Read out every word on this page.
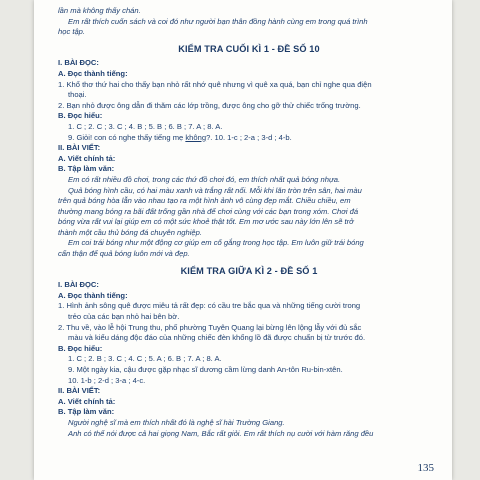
lần mà không thấy chán.
Em rất thích cuốn sách và coi đó như người bạn thân đồng hành cùng em trong quá trình
học tập.
KIỂM TRA CUỐI KÌ 1 - ĐỀ SỐ 10
I. BÀI ĐỌC:
A. Đọc thành tiếng:
1. Khổ thơ thứ hai cho thấy bạn nhỏ rất nhớ quê nhưng vì quê xa quá, bạn chỉ nghe qua điện
thoại.
2. Bạn nhỏ được ông dẫn đi thăm các lớp trồng, được ông cho gỡ thử chiếc trống trường.
B. Đọc hiểu:
1. C ; 2. C ; 3. C ; 4. B ; 5. B ; 6. B ; 7. A ; 8. A.
9. Giỏi! con có nghe thấy tiếng mẹ không?. 10. 1-c ; 2-a ; 3-d ; 4-b.
II. BÀI VIẾT:
A. Viết chính tả:
B. Tập làm văn:
Em có rất nhiều đồ chơi, trong các thứ đồ chơi đó, em thích nhất quả bóng nhựa.
Quả bóng hình cầu, có hai màu xanh và trắng rất nổi. Mỗi khi lăn tròn trên sân, hai màu
trên quả bóng hòa lẫn vào nhau tạo ra một hình ảnh vô cùng đẹp mắt. Chiều chiều, em
thường mang bóng ra bãi đất trống gần nhà để chơi cùng với các bạn trong xóm. Chơi đá
bóng vừa rất vui lại giúp em có một sức khoẻ thật tốt. Em mơ ước sau này lớn lên sẽ trở
thành một cầu thủ bóng đá chuyên nghiệp.
Em coi trái bóng như một động cơ giúp em cố gắng trong học tập. Em luôn giữ trái bóng
cẩn thận để quả bóng luôn mới và đẹp.
KIỂM TRA GIỮA KÌ 2 - ĐỀ SỐ 1
I. BÀI ĐỌC:
A. Đọc thành tiếng:
1. Hình ảnh sông quê được miêu tả rất đẹp: có cầu tre bắc qua và những tiếng cười trong
trẻo của các bạn nhỏ hai bên bờ.
2. Thu về, vào lễ hội Trung thu, phố phường Tuyên Quang lại bừng lên lộng lẫy với đủ sắc
màu và kiểu dáng độc đáo của những chiếc đèn khổng lồ đã được chuẩn bị từ trước đó.
B. Đọc hiểu:
1. C ; 2. B ; 3. C ; 4. C ; 5. A ; 6. B ; 7. A ; 8. A.
9. Một ngày kia, cậu được gặp nhạc sĩ dương cầm lừng danh An-tôn Ru-bin-xtên.
10. 1-b ; 2-d ; 3-a ; 4-c.
II. BÀI VIẾT:
A. Viết chính tả:
B. Tập làm văn:
Người nghệ sĩ mà em thích nhất đó là nghệ sĩ hài Trường Giang.
Anh có thể nói được cả hai giọng Nam, Bắc rất giỏi. Em rất thích nụ cười với hàm răng đều
135
